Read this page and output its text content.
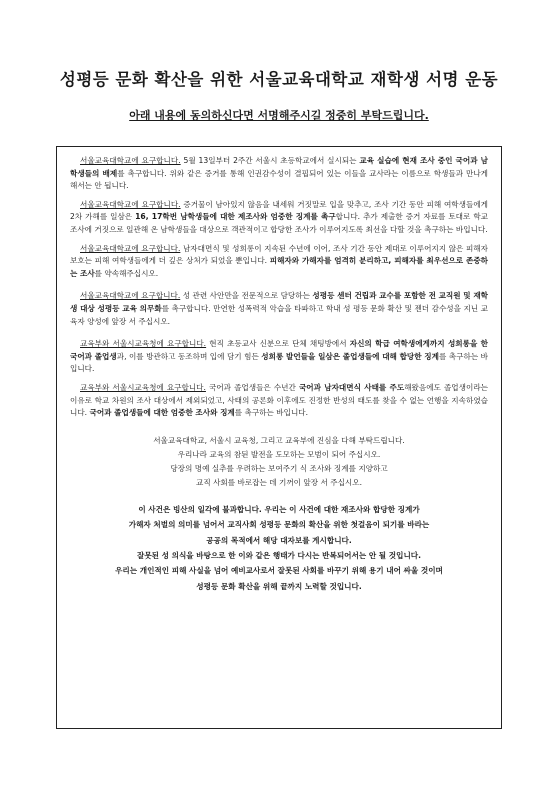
성평등 문화 확산을 위한 서울교육대학교 재학생 서명 운동
아래 내용에 동의하신다면 서명해주시길 정중히 부탁드립니다.

서울교육대학교에 요구합니다. 5월 13일부터 2주간 서울시 초등학교에서 실시되는 교육 실습에 현재 조사 중인 국어과 남학생들의 배제를 촉구합니다. 위와 같은 증거를 통해 인권감수성이 결핍되어 있는 이들을 교사라는 이름으로 학생들과 만나게 해서는 안 됩니다.

서울교육대학교에 요구합니다. 증거물이 남아있지 않음을 내세워 거짓말로 입을 맞추고, 조사 기간 동안 피해 여학생들에게 2차 가해를 일삼은 16, 17학번 남학생들에 대한 제조사와 엄중한 징계를 촉구합니다. 추가 제출한 증거 자료를 토대로 학교 조사에 거짓으로 일관해 온 남학생들을 대상으로 객관적이고 합당한 조사가 이루어지도록 최선을 다할 것을 촉구하는 바입니다.

서울교육대학교에 요구합니다. 남자대면식 및 성희롱이 지속된 수년에 이어, 조사 기간 동안 제대로 이루어지지 않은 피해자 보호는 피해 여학생들에게 더 깊은 상처가 되었을 뿐입니다. 피해자와 가해자를 엄격히 분리하고, 피해자를 최우선으로 존중하는 조사를 약속해주십시오.

서울교육대학교에 요구합니다. 성 관련 사안만을 전문적으로 담당하는 성평등 센터 건립과 교수를 포함한 전 교직원 및 재학생 대상 성평등 교육 의무화를 촉구합니다. 만연한 성폭력적 악습을 타파하고 학내 성 평등 문화 확산 및 젠더 감수성을 지닌 교육자 양성에 앞장 서 주십시오.

교육부와 서울시교육청에 요구합니다. 현직 초등교사 신분으로 단체 채팅방에서 자신의 학급 여학생에게까지 성희롱을 한 국어과 졸업생과, 이를 방관하고 동조하며 입에 담기 힘든 성희롱 발언들을 일삼은 졸업생들에 대해 합당한 징계를 촉구하는 바입니다.

교육부와 서울시교육청에 요구합니다. 국어과 졸업생들은 수년간 국어과 남자대면식 사태를 주도해왔음에도 졸업생이라는 이유로 학교 차원의 조사 대상에서 제외되었고, 사태의 공론화 이후에도 진정한 반성의 태도를 찾을 수 없는 언행을 지속하였습니다. 국어과 졸업생들에 대한 엄중한 조사와 징계를 촉구하는 바입니다.

서울교육대학교, 서울시 교육청, 그리고 교육부에 진심을 다해 부탁드립니다.
우리나라 교육의 참된 발전을 도모하는 모범이 되어 주십시오.
당장의 명예 실추를 우려하는 보여주기 식 조사와 징계를 지양하고
교직 사회를 바로잡는 데 기꺼이 앞장 서 주십시오.
이 사건은 빙산의 일각에 불과합니다. 우리는 이 사건에 대한 재조사와 합당한 징계가
가해자 처벌의 의미를 넘어서 교직사회 성평등 문화의 확산을 위한 첫걸음이 되기를 바라는
공공의 목적에서 해당 대자보를 게시합니다.
잘못된 성 의식을 바탕으로 한 이와 같은 행태가 다시는 반복되어서는 안 될 것입니다.
우리는 개인적인 피해 사실을 넘어 예비교사로서 잘못된 사회를 바꾸기 위해 용기 내어 싸울 것이며
성평등 문화 확산을 위해 끝까지 노력할 것입니다.
